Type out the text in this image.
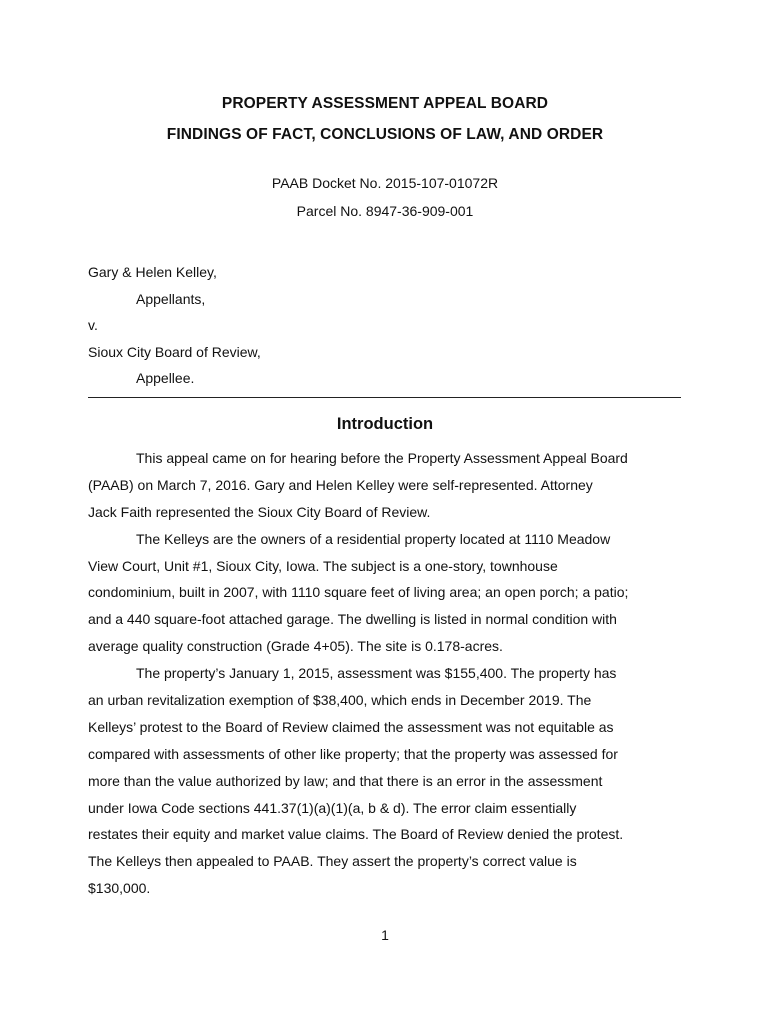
PROPERTY ASSESSMENT APPEAL BOARD

FINDINGS OF FACT, CONCLUSIONS OF LAW, AND ORDER

PAAB Docket No. 2015-107-01072R

Parcel No. 8947-36-909-001

Gary & Helen Kelley,

Appellants,

v.

Sioux City Board of Review,

Appellee.

Introduction
This appeal came on for hearing before the Property Assessment Appeal Board
(PAAB) on March 7, 2016. Gary and Helen Kelley were self-represented. Attorney
Jack Faith represented the Sioux City Board of Review.
The Kelleys are the owners of a residential property located at 1110 Meadow
View Court, Unit #1, Sioux City, Iowa. The subject is a one-story, townhouse
condominium, built in 2007, with 1110 square feet of living area; an open porch; a patio;
and a 440 square-foot attached garage. The dwelling is listed in normal condition with
average quality construction (Grade 4+05). The site is 0.178-acres.
The property’s January 1, 2015, assessment was $155,400. The property has
an urban revitalization exemption of $38,400, which ends in December 2019. The
Kelleys’ protest to the Board of Review claimed the assessment was not equitable as
compared with assessments of other like property; that the property was assessed for
more than the value authorized by law; and that there is an error in the assessment
under Iowa Code sections 441.37(1)(a)(1)(a, b & d). The error claim essentially
restates their equity and market value claims. The Board of Review denied the protest.
The Kelleys then appealed to PAAB. They assert the property’s correct value is
$130,000.
1
